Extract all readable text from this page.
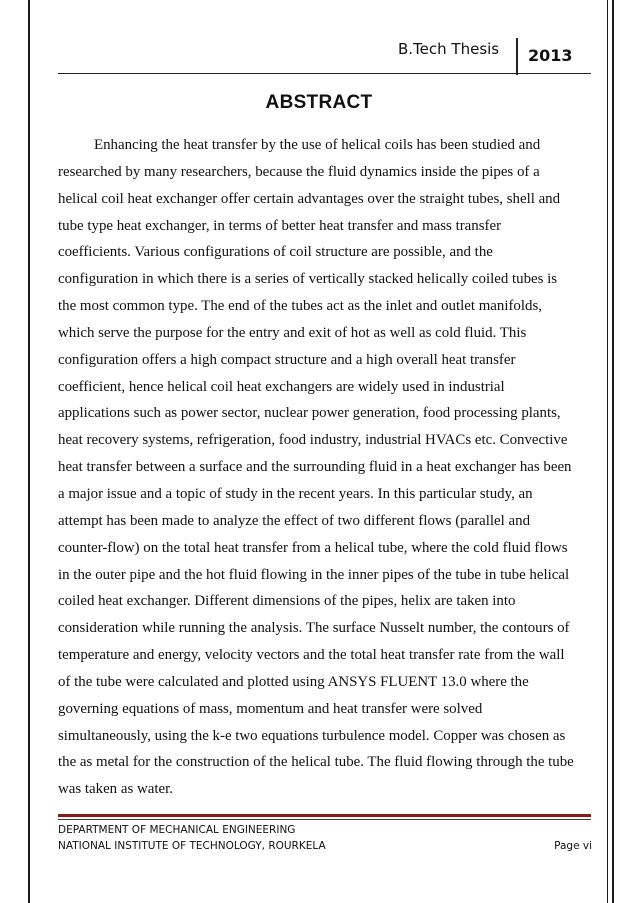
B.Tech Thesis 2013
ABSTRACT
Enhancing the heat transfer by the use of helical coils has been studied and
researched by many researchers, because the fluid dynamics inside the pipes of a
helical coil heat exchanger offer certain advantages over the straight tubes, shell and
tube type heat exchanger, in terms of better heat transfer and mass transfer
coefficients. Various configurations of coil structure are possible, and the
configuration in which there is a series of vertically stacked helically coiled tubes is
the most common type. The end of the tubes act as the inlet and outlet manifolds,
which serve the purpose for the entry and exit of hot as well as cold fluid. This
configuration offers a high compact structure and a high overall heat transfer
coefficient, hence helical coil heat exchangers are widely used in industrial
applications such as power sector, nuclear power generation, food processing plants,
heat recovery systems, refrigeration, food industry, industrial HVACs etc. Convective
heat transfer between a surface and the surrounding fluid in a heat exchanger has been
a major issue and a topic of study in the recent years. In this particular study, an
attempt has been made to analyze the effect of two different flows (parallel and
counter-flow) on the total heat transfer from a helical tube, where the cold fluid flows
in the outer pipe and the hot fluid flowing in the inner pipes of the tube in tube helical
coiled heat exchanger. Different dimensions of the pipes, helix are taken into
consideration while running the analysis. The surface Nusselt number, the contours of
temperature and energy, velocity vectors and the total heat transfer rate from the wall
of the tube were calculated and plotted using ANSYS FLUENT 13.0 where the
governing equations of mass, momentum and heat transfer were solved
simultaneously, using the k-e two equations turbulence model. Copper was chosen as
the as metal for the construction of the helical tube. The fluid flowing through the tube
was taken as water.
DEPARTMENT OF MECHANICAL ENGINEERING
NATIONAL INSTITUTE OF TECHNOLOGY, ROURKELA	Page vi
